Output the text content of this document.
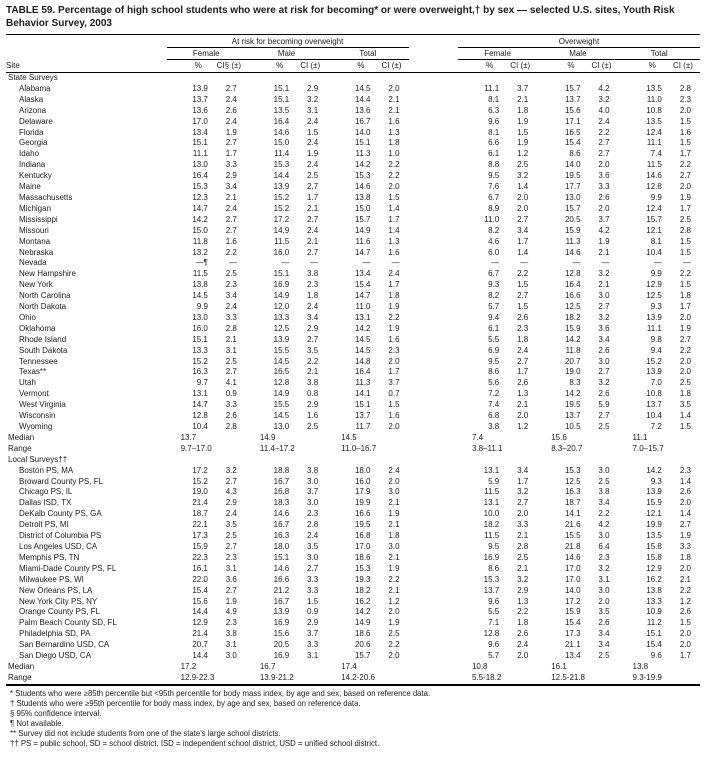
TABLE 59. Percentage of high school students who were at risk for becoming* or were overweight,† by sex — selected U.S. sites, Youth Risk Behavior Survey, 2003
	At risk for becoming overweight							Overweight					
	Female		Male		Total			Female		Male		Total	
Site	%	CI§ (±)	%	CI (±)	%	CI (±)		%	CI (±)	%	CI (±)	%	CI (±)
State Surveys													
Alabama	13.9	2.7	15.1	2.9	14.5	2.0		11.1	3.7	15.7	4.2	13.5	2.8
Alaska	13.7	2.4	15.1	3.2	14.4	2.1		8.1	2.1	13.7	3.2	11.0	2.3
Arizona	13.6	2.6	13.5	3.1	13.6	2.1		6.3	1.8	15.6	4.0	10.8	2.0
Delaware	17.0	2.4	16.4	2.4	16.7	1.6		9.6	1.9	17.1	2.4	13.5	1.5
Florida	13.4	1.9	14.6	1.5	14.0	1.3		8.1	1.5	16.5	2.2	12.4	1.6
Georgia	15.1	2.7	15.0	2.4	15.1	1.8		6.6	1.9	15.4	2.7	11.1	1.5
Idaho	11.1	1.7	11.4	1.9	11.3	1.0		6.1	1.2	8.6	2.7	7.4	1.7
Indiana	13.0	3.3	15.3	2.4	14.2	2.2		8.8	2.5	14.0	2.0	11.5	2.2
Kentucky	16.4	2.9	14.4	2.5	15.3	2.2		9.5	3.2	19.5	3.6	14.6	2.7
Maine	15.3	3.4	13.9	2.7	14.6	2.0		7.6	1.4	17.7	3.3	12.8	2.0
Massachusetts	12.3	2.1	15.2	1.7	13.8	1.5		6.7	2.0	13.0	2.6	9.9	1.9
Michigan	14.7	2.4	15.2	2.1	15.0	1.4		8.9	2.0	15.7	2.0	12.4	1.7
Mississippi	14.2	2.7	17.2	2.7	15.7	1.7		11.0	2.7	20.5	3.7	15.7	2.5
Missouri	15.0	2.7	14.9	2.4	14.9	1.4		8.2	3.4	15.9	4.2	12.1	2.8
Montana	11.8	1.6	11.5	2.1	11.6	1.3		4.6	1.7	11.3	1.9	8.1	1.5
Nebraska	13.2	2.2	16.0	2.7	14.7	1.6		6.0	1.4	14.6	2.1	10.4	1.5
Nevada	—¶	—	—	—	—	—		—	—	—	—	—	—
New Hampshire	11.5	2.5	15.1	3.8	13.4	2.4		6.7	2.2	12.8	3.2	9.9	2.2
New York	13.8	2.3	16.9	2.3	15.4	1.7		9.3	1.5	16.4	2.1	12.9	1.5
North Carolina	14.5	3.4	14.9	1.8	14.7	1.8		8.2	2.7	16.6	3.0	12.5	1.8
North Dakota	9.9	2.4	12.0	2.4	11.0	1.9		5.7	1.5	12.5	2.7	9.3	1.7
Ohio	13.0	3.3	13.3	3.4	13.1	2.2		9.4	2.6	18.2	3.2	13.9	2.0
Oklahoma	16.0	2.8	12.5	2.9	14.2	1.9		6.1	2.3	15.9	3.6	11.1	1.9
Rhode Island	15.1	2.1	13.9	2.7	14.5	1.6		5.5	1.8	14.2	3.4	9.8	2.7
South Dakota	13.3	3.1	15.5	3.5	14.5	2.3		6.9	2.4	11.8	2.6	9.4	2.2
Tennessee	15.2	2.5	14.5	2.2	14.8	2.0		9.5	2.7	20.7	3.0	15.2	2.0
Texas**	16.3	2.7	16.5	2.1	16.4	1.7		8.6	1.7	19.0	2.7	13.9	2.0
Utah	9.7	4.1	12.8	3.8	11.3	3.7		5.6	2.6	8.3	3.2	7.0	2.5
Vermont	13.1	0.9	14.9	0.8	14.1	0.7		7.2	1.3	14.2	2.6	10.8	1.8
West Virginia	14.7	3.3	15.5	2.9	15.1	1.5		7.4	2.1	19.5	5.9	13.7	3.5
Wisconsin	12.8	2.6	14.5	1.6	13.7	1.6		6.8	2.0	13.7	2.7	10.4	1.4
Wyoming	10.4	2.8	13.0	2.5	11.7	2.0		3.8	1.2	10.5	2.5	7.2	1.5
Median	13.7		14.9		14.5			7.4		15.6		11.1	
Range	9.7–17.0		11.4–17.2		11.0–16.7			3.8–11.1		8.3–20.7		7.0–15.7	
Local Surveys††													
Boston PS, MA	17.2	3.2	18.8	3.8	18.0	2.4		13.1	3.4	15.3	3.0	14.2	2.3
Broward County PS, FL	15.2	2.7	16.7	3.0	16.0	2.0		5.9	1.7	12.5	2.5	9.3	1.4
Chicago PS, IL	19.0	4.3	16.8	3.7	17.9	3.0		11.5	3.2	16.3	3.8	13.9	2.6
Dallas ISD, TX	21.4	2.9	18.3	3.0	19.9	2.1		13.1	2.7	18.7	3.4	15.9	2.0
DeKalb County PS, GA	18.7	2.4	14.6	2.3	16.6	1.9		10.0	2.0	14.1	2.2	12.1	1.4
Detroit PS, MI	22.1	3.5	16.7	2.8	19.5	2.1		18.2	3.3	21.6	4.2	19.9	2.7
District of Columbia PS	17.3	2.5	16.3	2.4	16.8	1.8		11.5	2.1	15.5	3.0	13.5	1.9
Los Angeles USD, CA	15.9	2.7	18.0	3.5	17.0	3.0		9.5	2.8	21.8	6.4	15.8	3.3
Memphis PS, TN	22.3	2.3	15.1	3.0	18.6	2.1		16.9	2.5	14.6	2.3	15.8	1.8
Miami-Dade County PS, FL	16.1	3.1	14.6	2.7	15.3	1.9		8.6	2.1	17.0	3.2	12.9	2.0
Milwaukee PS, WI	22.0	3.6	16.6	3.3	19.3	2.2		15.3	3.2	17.0	3.1	16.2	2.1
New Orleans PS, LA	15.4	2.7	21.2	3.3	18.2	2.1		13.7	2.9	14.0	3.0	13.8	2.2
New York City PS, NY	15.6	1.9	16.7	1.5	16.2	1.2		9.6	1.3	17.2	2.0	13.3	1.2
Orange County PS, FL	14.4	4.9	13.9	0.9	14.2	2.0		5.5	2.2	15.9	3.5	10.9	2.6
Palm Beach County SD, FL	12.9	2.3	16.9	2.9	14.9	1.9		7.1	1.8	15.4	2.6	11.2	1.5
Philadelphia SD, PA	21.4	3.8	15.6	3.7	18.6	2.5		12.8	2.6	17.3	3.4	15.1	2.0
San Bernardino USD, CA	20.7	3.1	20.5	3.3	20.6	2.2		9.6	2.4	21.1	3.4	15.4	2.0
San Diego USD, CA	14.4	3.0	16.9	3.1	15.7	2.0		5.7	2.0	13.4	2.5	9.6	1.7
Median	17.2		16.7		17.4			10.8		16.1		13.8	
Range	12.9-22.3		13.9-21.2		14.2-20.6			5.5-18.2		12.5-21.8		9.3-19.9	
* Students who were ≥85th percentile but <95th percentile for body mass index, by age and sex, based on reference data.
† Students who were ≥95th percentile for body mass index, by age and sex, based on reference data.
§ 95% confidence interval.
¶ Not available.
** Survey did not include students from one of the state's large school districts.
†† PS = public school, SD = school district, ISD = independent school district, USD = unified school district.
